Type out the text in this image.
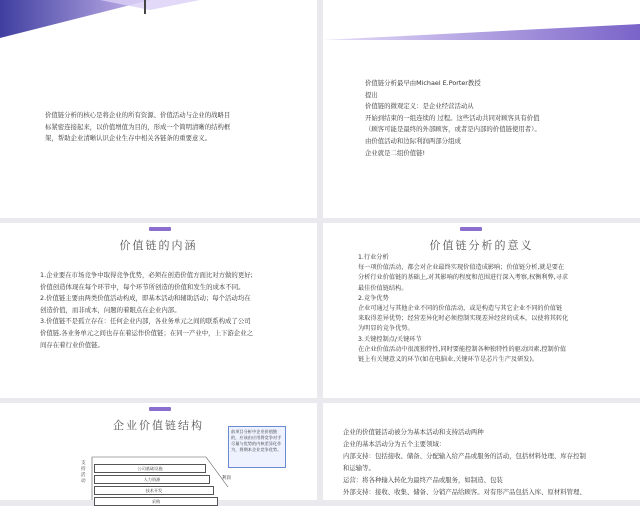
价值链分析的核心是将企业的所有资源、价值活动与企业的战略目
标紧密连接起来，以价值增值为目的，形成一个简明清晰的结构框
架，帮助企业清晰认识企业生存中相关各链条的重要意义。
价值链分析最早由Michael E.Porter教授
提出
价值链的微观定义：是企业经营活动从
开始到结束的一组连续的 过程。这些活动共同对顾客具有价值
（顾客可能是最终的外部顾客，或者是内部的价值链使用者）。
由价值活动和边际利润两部分组成
企业就是二组价值链!
价值链的内涵
1.企业要在市场竞争中取得竞争优势，必须在创造价值方面比对方做的更好;
价值创造体现在每个环节中，每个环节所创造的价值和发生的成本不同。
2.价值链主要由两类价值活动构成，即基本活动和辅助活动；每个活动均在
创造价值，而非成本，问题的着眼点在企业内部。
3.价值链不是孤立存在：任何企业内部，各业务单元之间的联系构成了公司
价值链,各业务单元之间也存在着运作价值链；在同一产业中，上下游企业之
间存在着行业价值链。
价值链分析的意义
1.行业分析
每一项价值活动，都会对企业最终实现价值造成影响；价值链分析,就是要在
分析行业价值链的基础上,对其影响的程度和范围进行深入考察,权衡利弊,寻求
最佳价值链结构。
2.竞争优势
企业可通过与其他企业不同的价值活动，或是构造与其它企业不同的价值链
来取得差异优势；经营差异化时必须控制实现差异经营的成本，以使将其转化
为明显的竞争优势。
3.关键控制点/关键环节
在企业价值活动中很流独特性,同时要能控制各种独特性的驱动因素,控制价值
链上有关键意义的环节(如在电脑业,关键环节是芯片生产及研发)。
企业价值链结构
支持活动
公司基础设施
人力资源
技术开发
采购
利润
前项目分析中企业价值链的，应该由应用将竞争对手尽量与优势的内核差异化作为，将期本企业竞争优势。
企业的价值链活动被分为基本活动和支持活动两种
企业的基本活动分为五个主要领域：
内部支持：包括接收、储备、分配输入给产品或服务的活动，包括材料处理、库存控制
和运输等。
运营：将各种输入转化为最终产品或服务，如制造、包装
外部支持：接收、收集、储备、分销产品给顾客。对有形产品包括入库、原材料管理、
